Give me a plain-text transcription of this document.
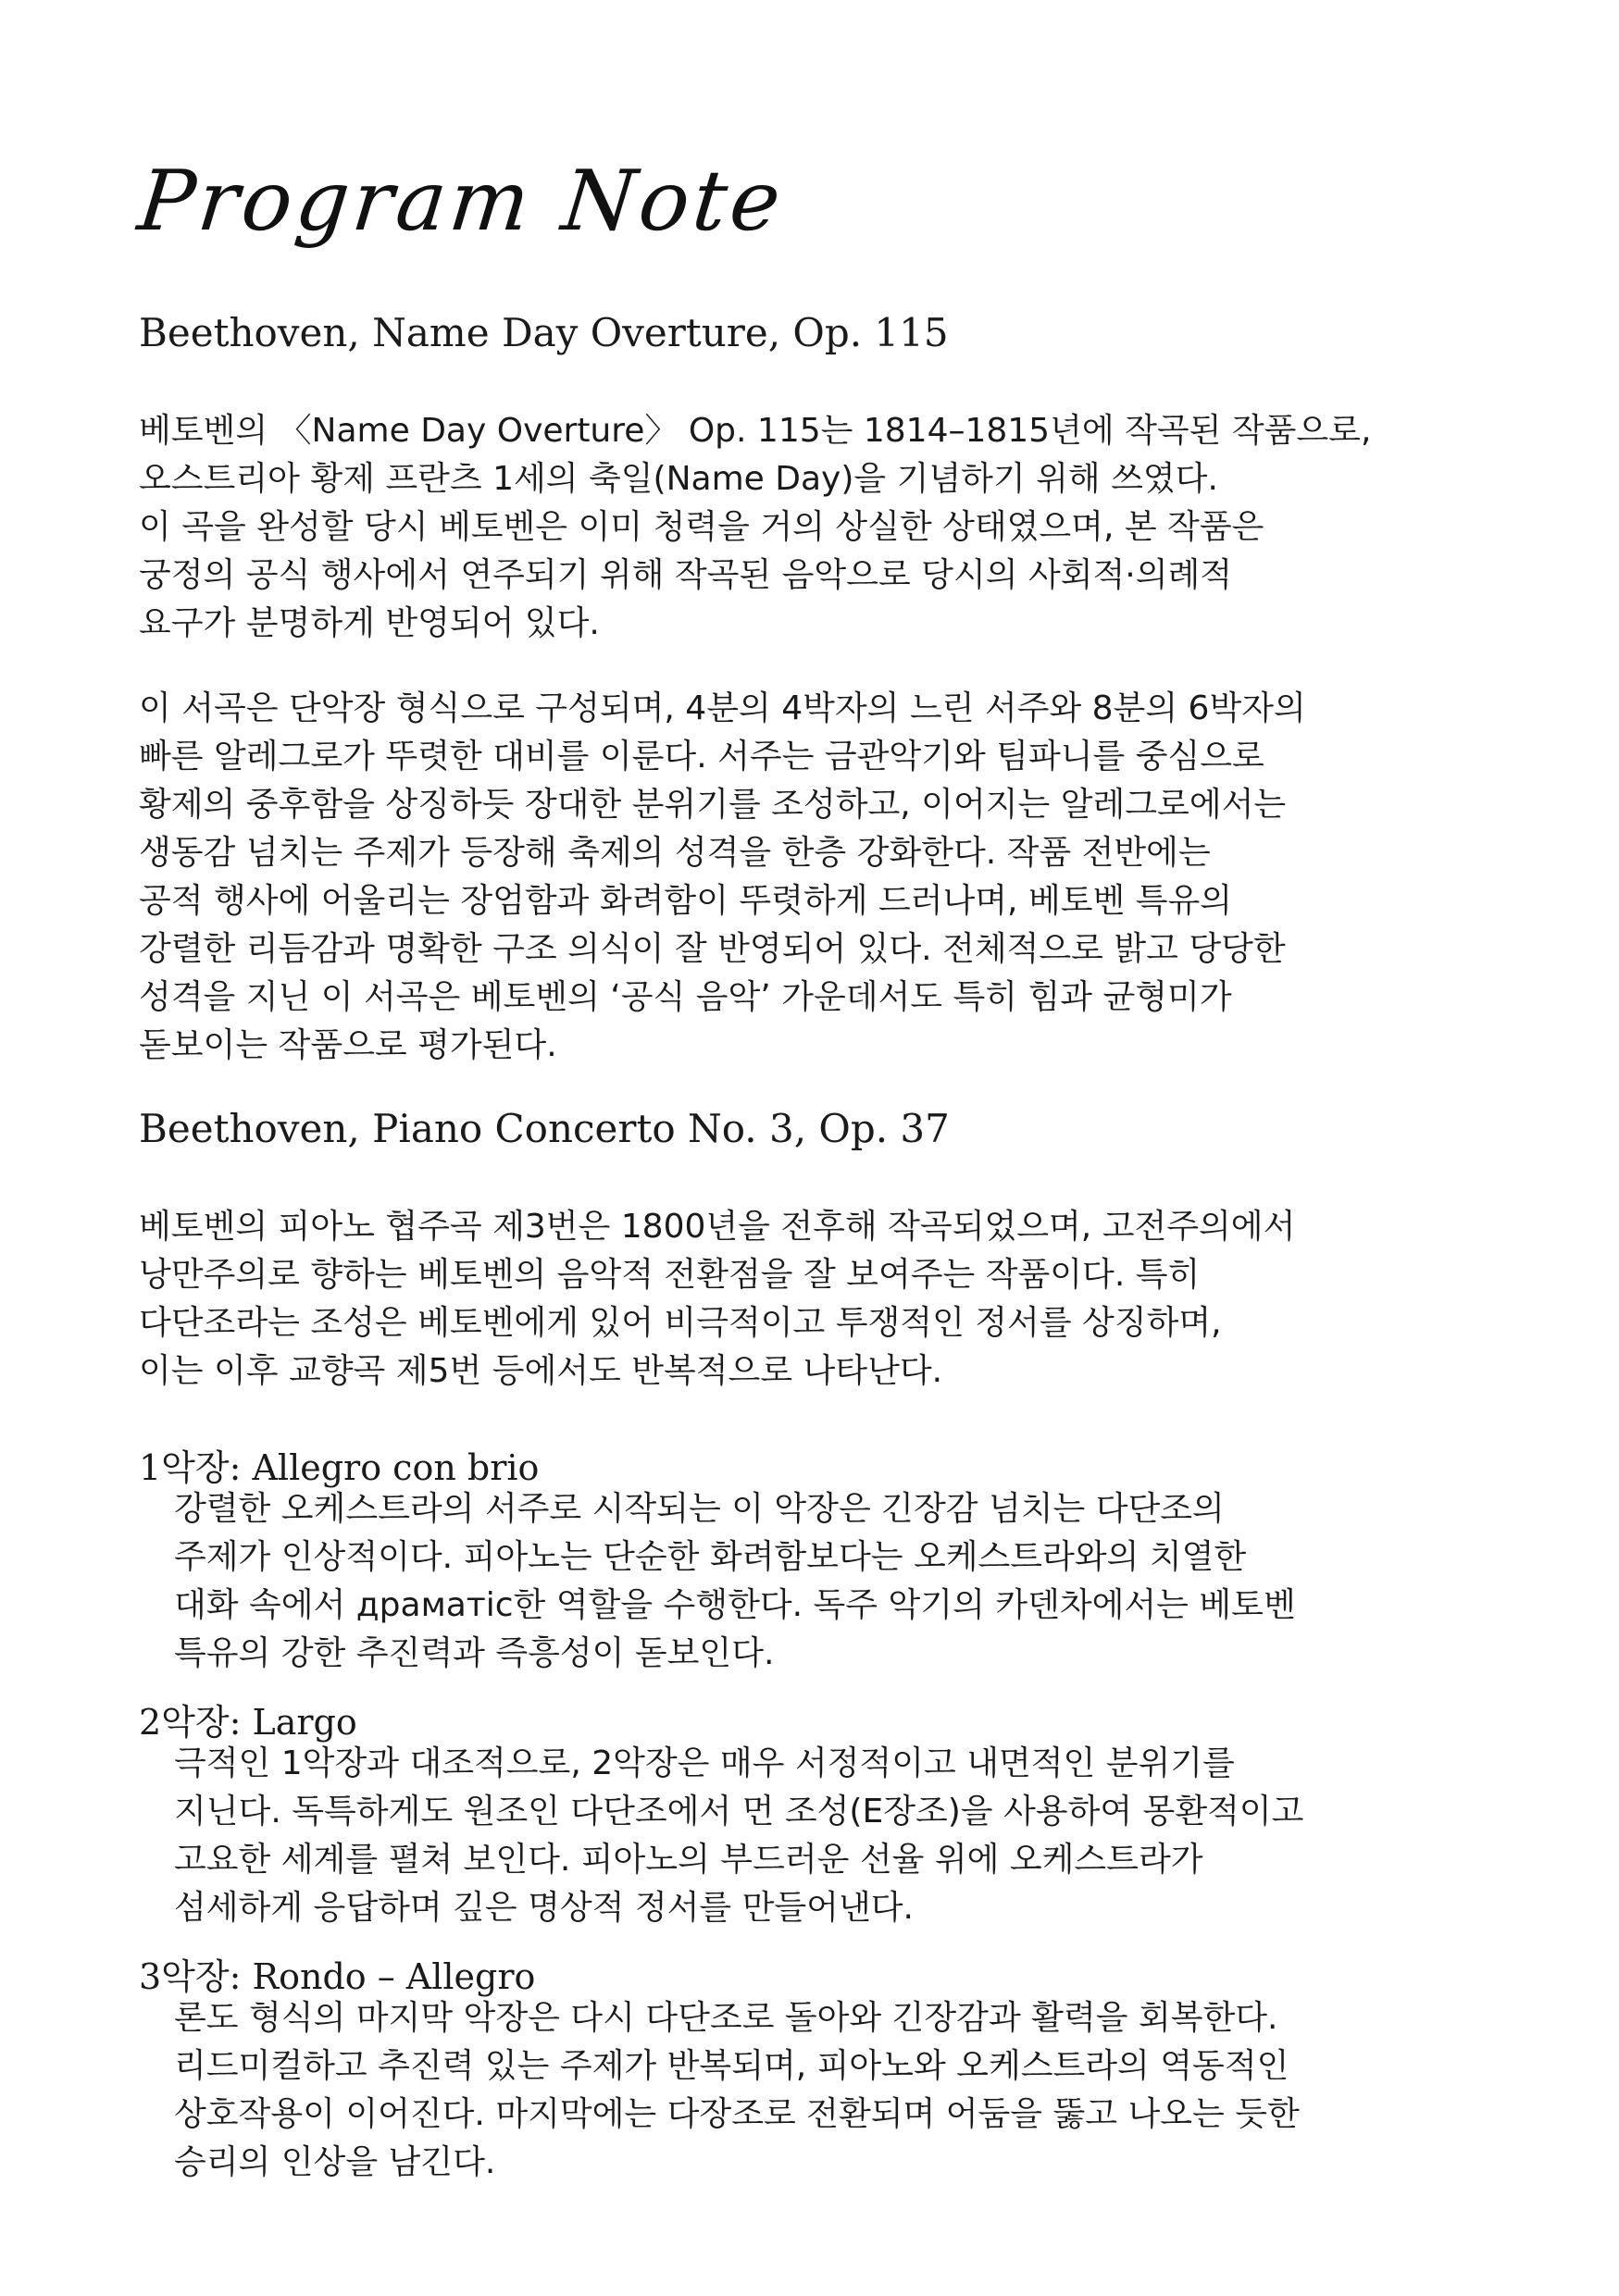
Program Note
Beethoven, Name Day Overture, Op. 115
베토벤의 〈Name Day Overture〉 Op. 115는 1814–1815년에 작곡된 작품으로,
오스트리아 황제 프란츠 1세의 축일(Name Day)을 기념하기 위해 쓰였다.
이 곡을 완성할 당시 베토벤은 이미 청력을 거의 상실한 상태였으며, 본 작품은
궁정의 공식 행사에서 연주되기 위해 작곡된 음악으로 당시의 사회적·의례적
요구가 분명하게 반영되어 있다.
이 서곡은 단악장 형식으로 구성되며, 4분의 4박자의 느린 서주와 8분의 6박자의
빠른 알레그로가 뚜렷한 대비를 이룬다. 서주는 금관악기와 팀파니를 중심으로
황제의 중후함을 상징하듯 장대한 분위기를 조성하고, 이어지는 알레그로에서는
생동감 넘치는 주제가 등장해 축제의 성격을 한층 강화한다. 작품 전반에는
공적 행사에 어울리는 장엄함과 화려함이 뚜렷하게 드러나며, 베토벤 특유의
강렬한 리듬감과 명확한 구조 의식이 잘 반영되어 있다. 전체적으로 밝고 당당한
성격을 지닌 이 서곡은 베토벤의 ‘공식 음악’ 가운데서도 특히 힘과 균형미가
돋보이는 작품으로 평가된다.
Beethoven, Piano Concerto No. 3, Op. 37
베토벤의 피아노 협주곡 제3번은 1800년을 전후해 작곡되었으며, 고전주의에서
낭만주의로 향하는 베토벤의 음악적 전환점을 잘 보여주는 작품이다. 특히
다단조라는 조성은 베토벤에게 있어 비극적이고 투쟁적인 정서를 상징하며,
이는 이후 교향곡 제5번 등에서도 반복적으로 나타난다.
1악장: Allegro con brio
강렬한 오케스트라의 서주로 시작되는 이 악장은 긴장감 넘치는 다단조의
주제가 인상적이다. 피아노는 단순한 화려함보다는 오케스트라와의 치열한
대화 속에서 драматіс한 역할을 수행한다. 독주 악기의 카덴차에서는 베토벤
특유의 강한 추진력과 즉흥성이 돋보인다.
2악장: Largo
극적인 1악장과 대조적으로, 2악장은 매우 서정적이고 내면적인 분위기를
지닌다. 독특하게도 원조인 다단조에서 먼 조성(E장조)을 사용하여 몽환적이고
고요한 세계를 펼쳐 보인다. 피아노의 부드러운 선율 위에 오케스트라가
섬세하게 응답하며 깊은 명상적 정서를 만들어낸다.
3악장: Rondo – Allegro
론도 형식의 마지막 악장은 다시 다단조로 돌아와 긴장감과 활력을 회복한다.
리드미컬하고 추진력 있는 주제가 반복되며, 피아노와 오케스트라의 역동적인
상호작용이 이어진다. 마지막에는 다장조로 전환되며 어둠을 뚫고 나오는 듯한
승리의 인상을 남긴다.
